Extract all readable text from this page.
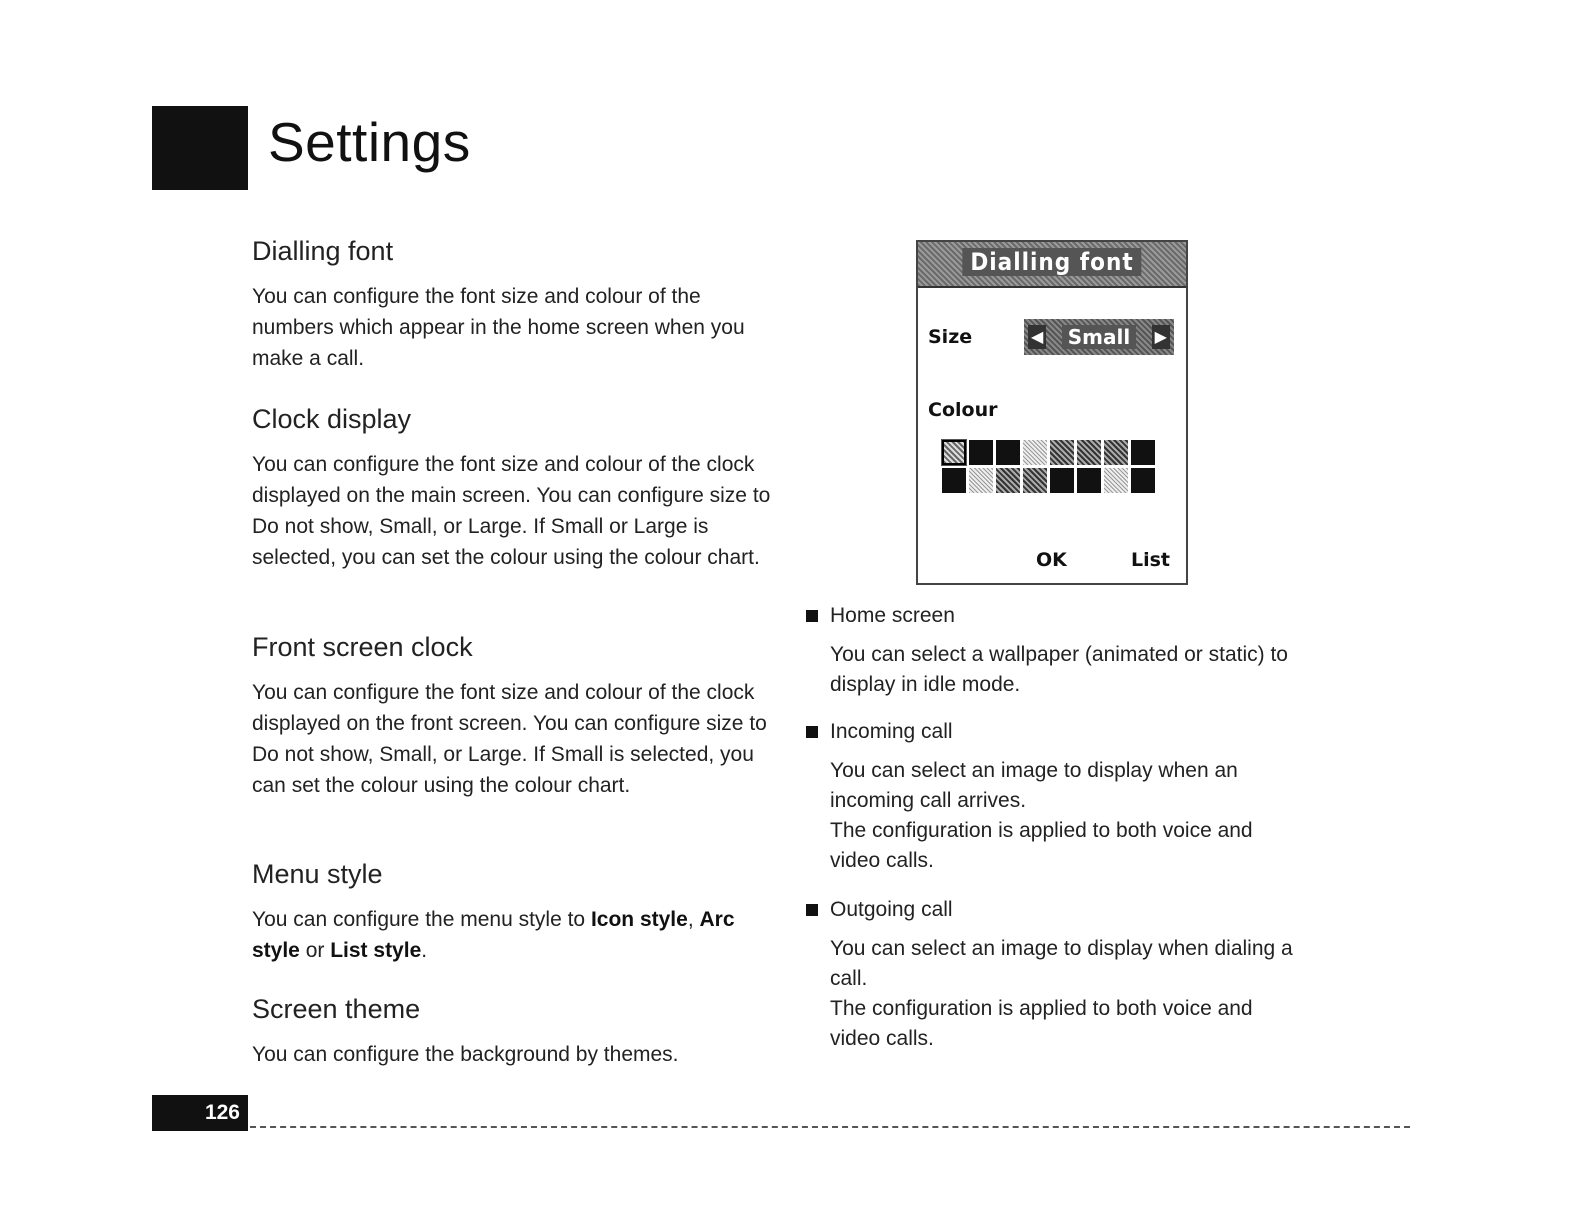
Settings
Dialling font

You can configure the font size and colour of the numbers which appear in the home screen when you make a call.

Clock display

You can configure the font size and colour of the clock displayed on the main screen. You can configure size to Do not show, Small, or Large. If Small or Large is selected, you can set the colour using the colour chart.

Front screen clock

You can configure the font size and colour of the clock displayed on the front screen. You can configure size to Do not show, Small, or Large. If Small is selected, you can set the colour using the colour chart.

Menu style

You can configure the menu style to Icon style, Arc style or List style.

Screen theme

You can configure the background by themes.

Dialling font
Size	◀	Small	▶
Colour
OK	List
Home screen
You can select a wallpaper (animated or static) to display in idle mode.
Incoming call
You can select an image to display when an incoming call arrives.
The configuration is applied to both voice and video calls.
Outgoing call
You can select an image to display when dialing a call.
The configuration is applied to both voice and video calls.
126
